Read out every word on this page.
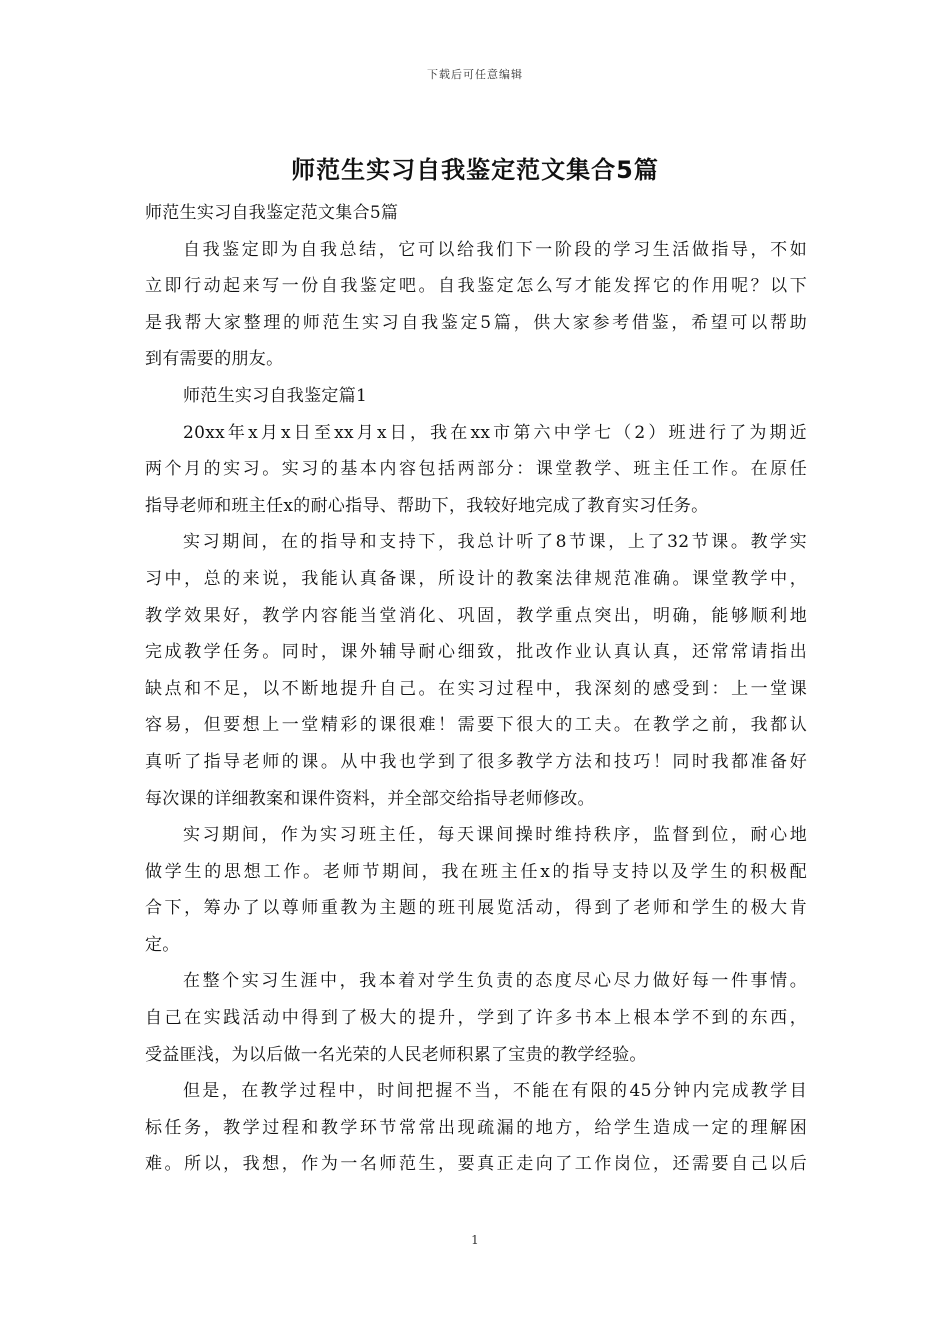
下载后可任意编辑
师范生实习自我鉴定范文集合5篇
师范生实习自我鉴定范文集合5篇
自我鉴定即为自我总结，它可以给我们下一阶段的学习生活做指导，不如
立即行动起来写一份自我鉴定吧。自我鉴定怎么写才能发挥它的作用呢？以下
是我帮大家整理的师范生实习自我鉴定5篇，供大家参考借鉴，希望可以帮助
到有需要的朋友。
师范生实习自我鉴定篇1
20xx年x月x日至xx月x日，我在xx市第六中学七（2）班进行了为期近
两个月的实习。实习的基本内容包括两部分：课堂教学、班主任工作。在原任
指导老师和班主任x的耐心指导、帮助下，我较好地完成了教育实习任务。
实习期间，在的指导和支持下，我总计听了8节课，上了32节课。教学实
习中，总的来说，我能认真备课，所设计的教案法律规范准确。课堂教学中，
教学效果好，教学内容能当堂消化、巩固，教学重点突出，明确，能够顺利地
完成教学任务。同时，课外辅导耐心细致，批改作业认真认真，还常常请指出
缺点和不足，以不断地提升自己。在实习过程中，我深刻的感受到：上一堂课
容易，但要想上一堂精彩的课很难！需要下很大的工夫。在教学之前，我都认
真听了指导老师的课。从中我也学到了很多教学方法和技巧！同时我都准备好
每次课的详细教案和课件资料，并全部交给指导老师修改。
实习期间，作为实习班主任，每天课间操时维持秩序，监督到位，耐心地
做学生的思想工作。老师节期间，我在班主任x的指导支持以及学生的积极配
合下，筹办了以尊师重教为主题的班刊展览活动，得到了老师和学生的极大肯
定。
在整个实习生涯中，我本着对学生负责的态度尽心尽力做好每一件事情。
自己在实践活动中得到了极大的提升，学到了许多书本上根本学不到的东西，
受益匪浅，为以后做一名光荣的人民老师积累了宝贵的教学经验。
但是，在教学过程中，时间把握不当，不能在有限的45分钟内完成教学目
标任务，教学过程和教学环节常常出现疏漏的地方，给学生造成一定的理解困
难。所以，我想，作为一名师范生，要真正走向了工作岗位，还需要自己以后
1
